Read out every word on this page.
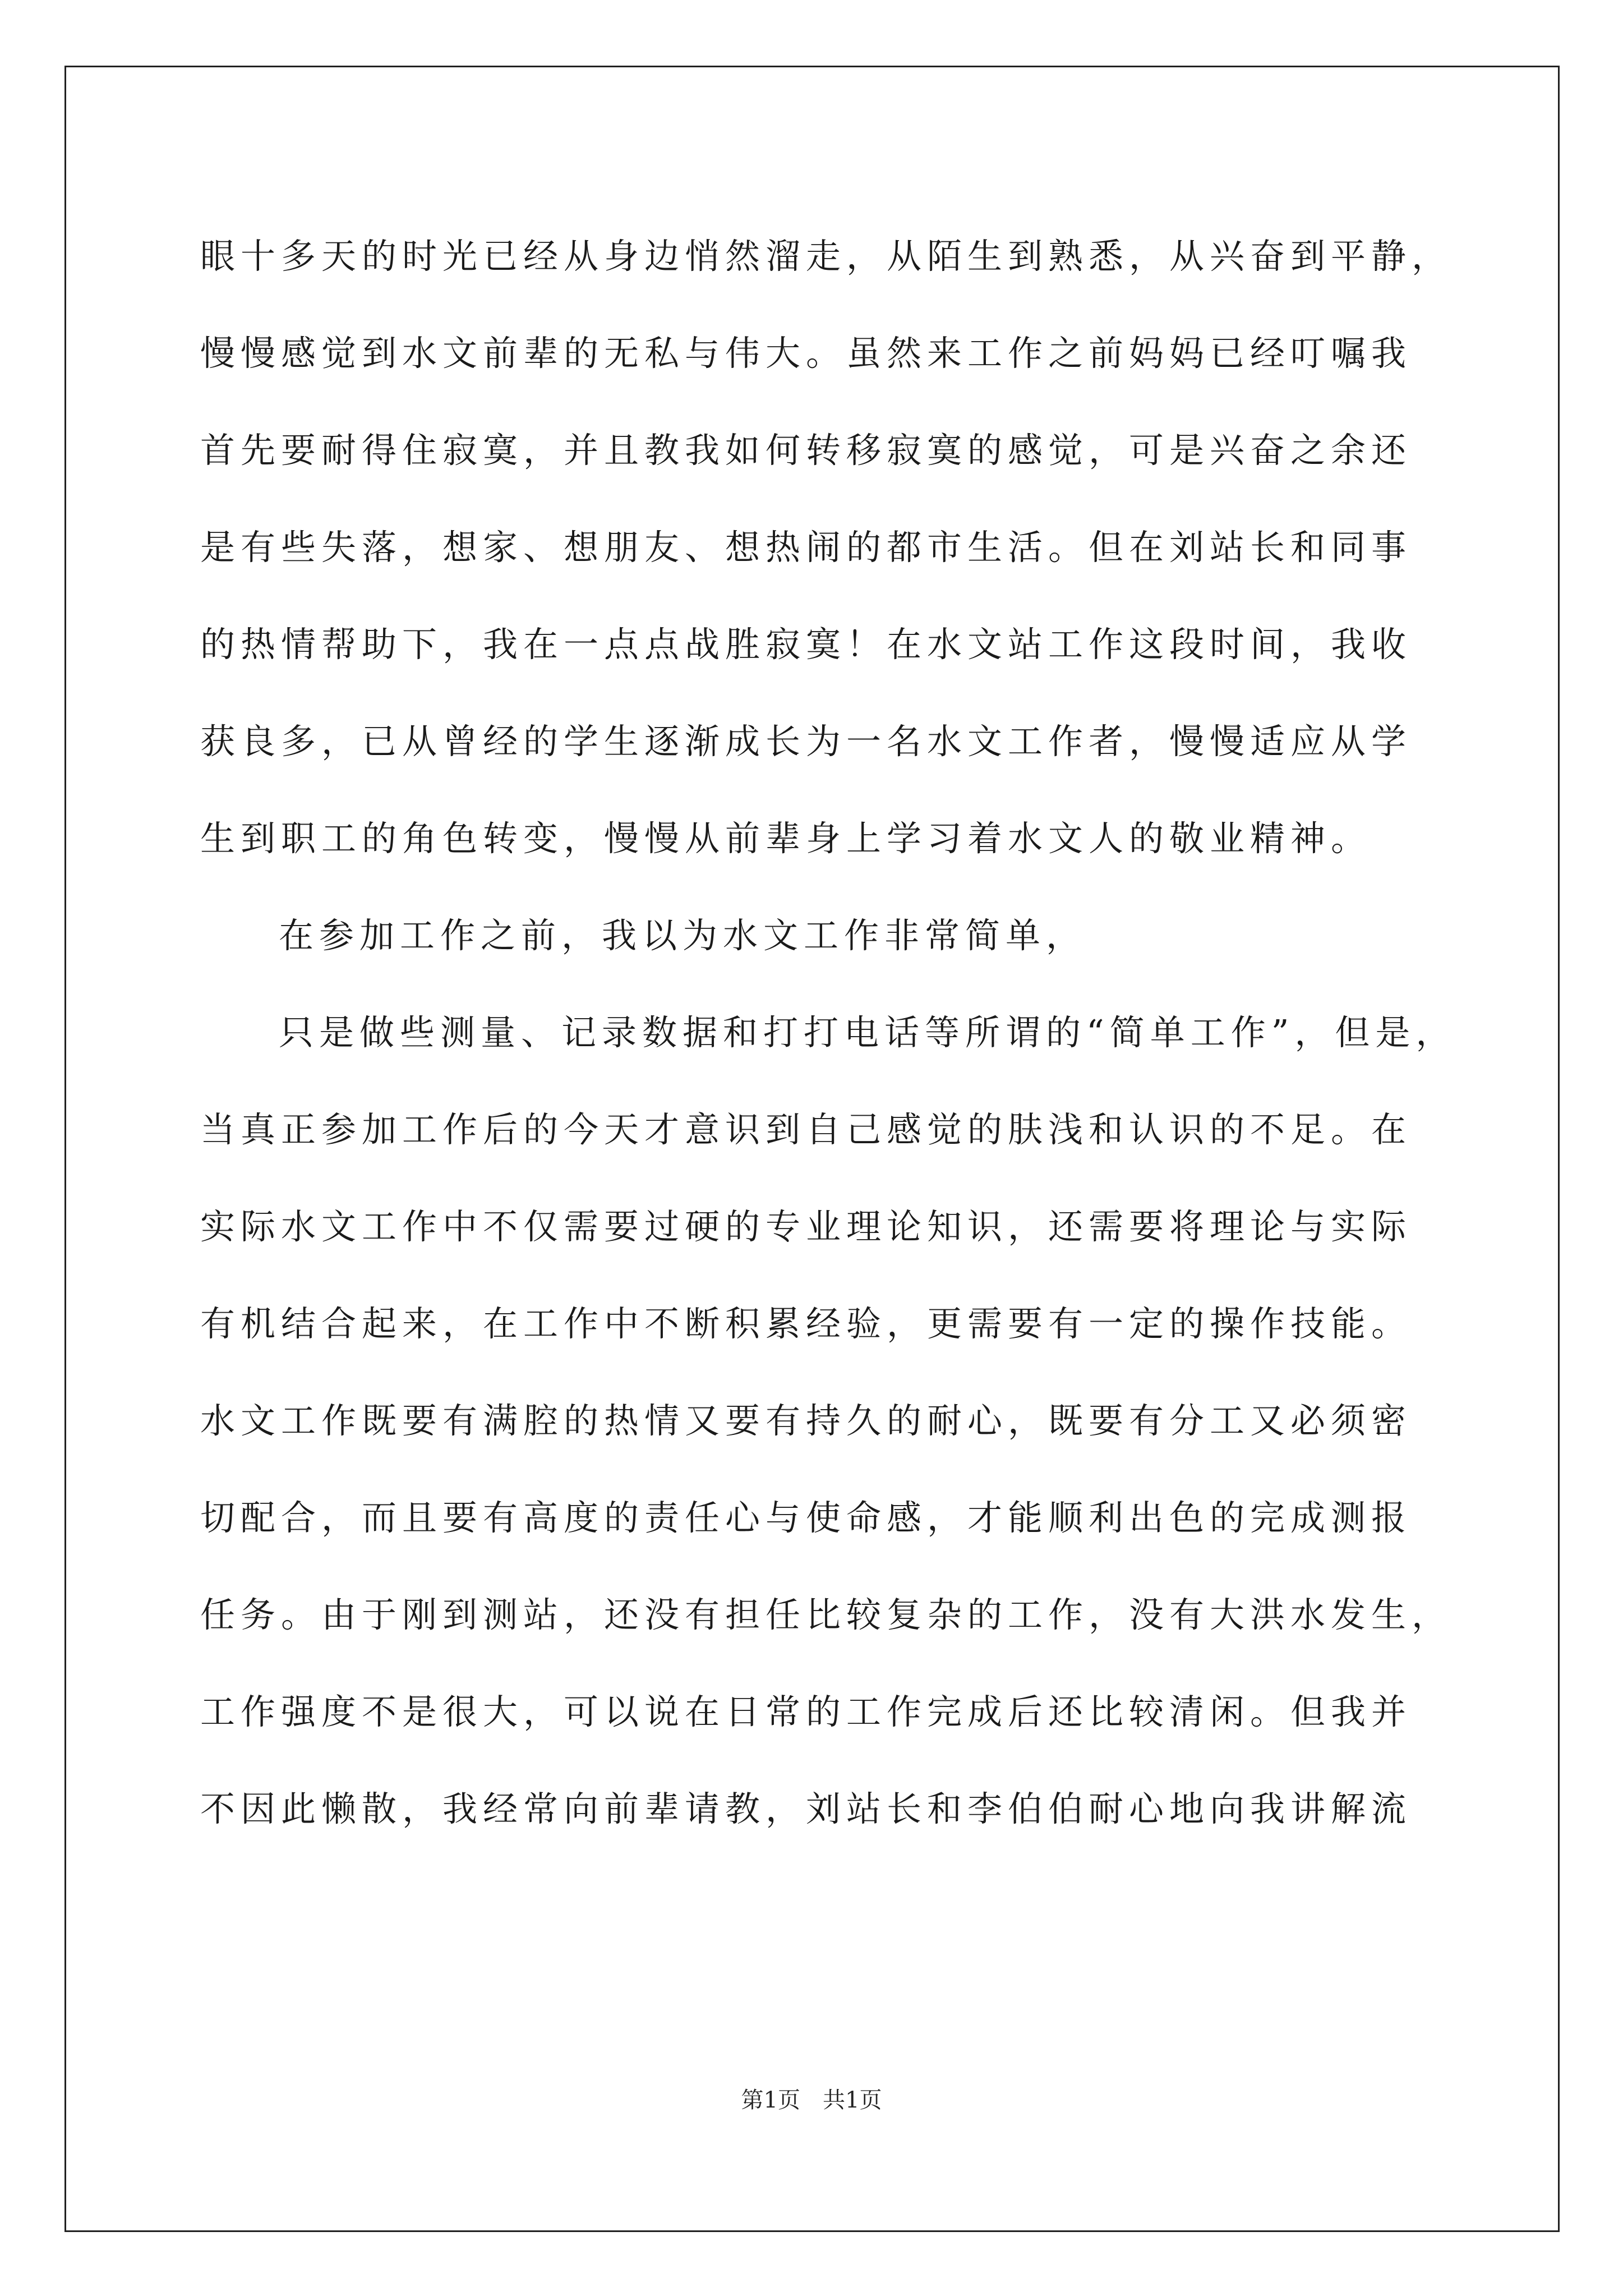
眼十多天的时光已经从身边悄然溜走，从陌生到熟悉，从兴奋到平静，
慢慢感觉到水文前辈的无私与伟大。虽然来工作之前妈妈已经叮嘱我
首先要耐得住寂寞，并且教我如何转移寂寞的感觉，可是兴奋之余还
是有些失落，想家、想朋友、想热闹的都市生活。但在刘站长和同事
的热情帮助下，我在一点点战胜寂寞！在水文站工作这段时间，我收
获良多，已从曾经的学生逐渐成长为一名水文工作者，慢慢适应从学
生到职工的角色转变，慢慢从前辈身上学习着水文人的敬业精神。
在参加工作之前，我以为水文工作非常简单，
只是做些测量、记录数据和打打电话等所谓的“简单工作”，但是，
当真正参加工作后的今天才意识到自己感觉的肤浅和认识的不足。在
实际水文工作中不仅需要过硬的专业理论知识，还需要将理论与实际
有机结合起来，在工作中不断积累经验，更需要有一定的操作技能。
水文工作既要有满腔的热情又要有持久的耐心，既要有分工又必须密
切配合，而且要有高度的责任心与使命感，才能顺利出色的完成测报
任务。由于刚到测站，还没有担任比较复杂的工作，没有大洪水发生，
工作强度不是很大，可以说在日常的工作完成后还比较清闲。但我并
不因此懒散，我经常向前辈请教，刘站长和李伯伯耐心地向我讲解流
第1页　共1页
